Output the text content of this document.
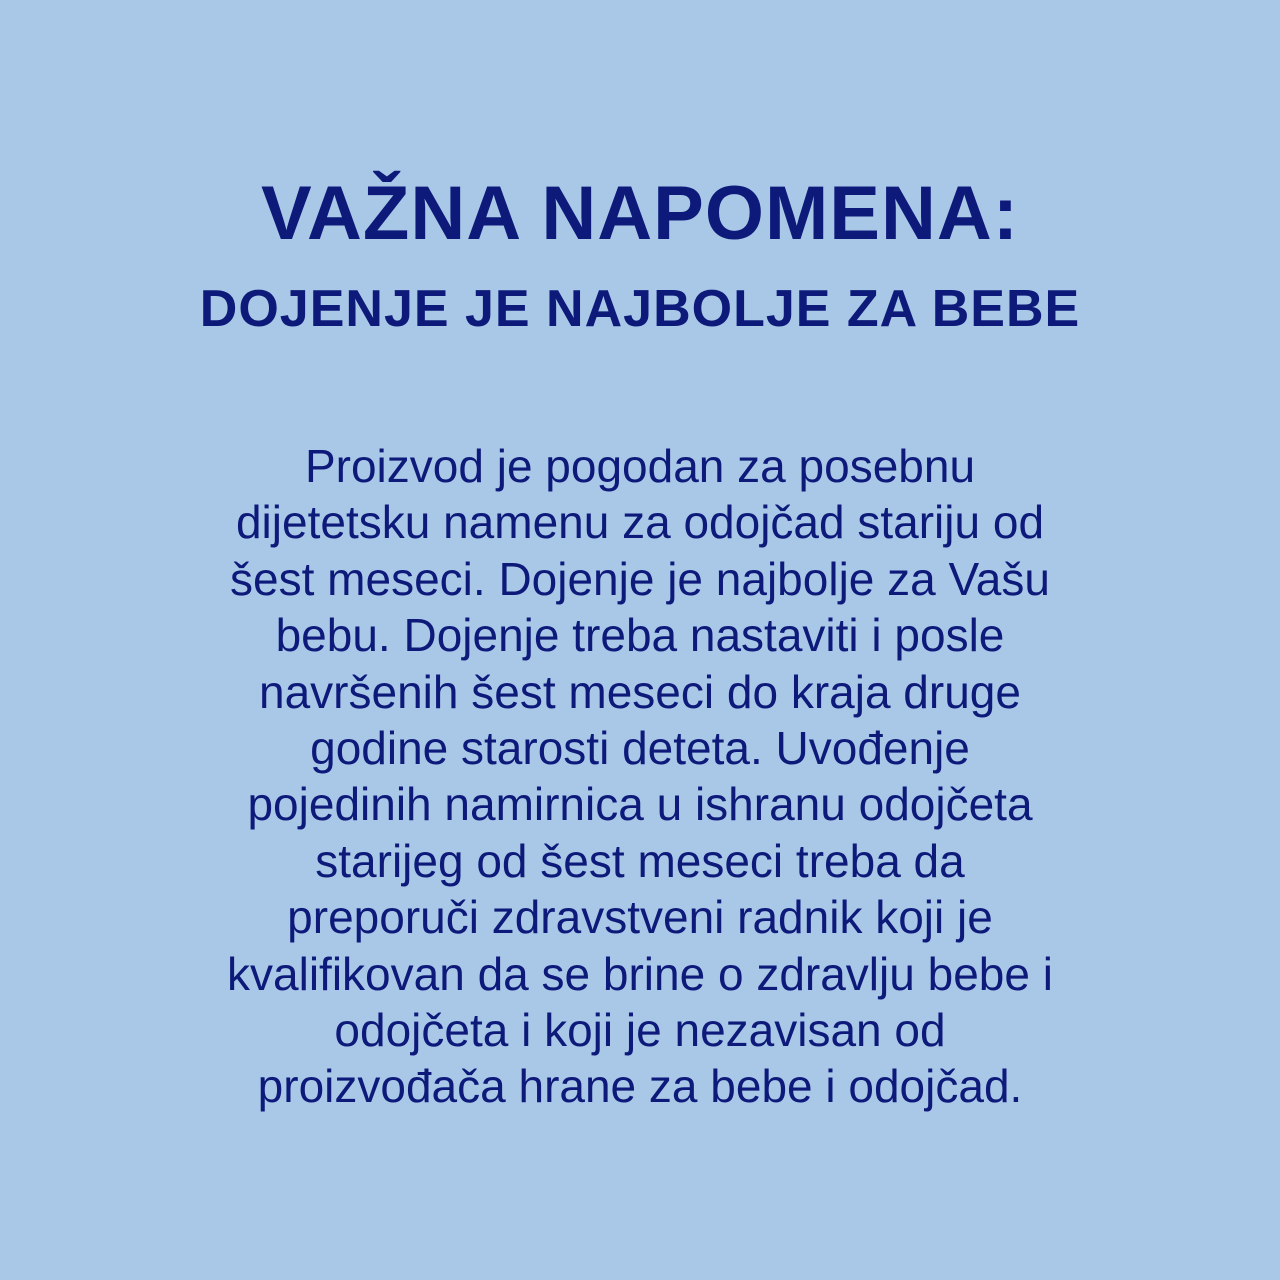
VAŽNA NAPOMENA:
DOJENJE JE NAJBOLJE ZA BEBE

Proizvod je pogodan za posebnu
dijetetsku namenu za odojčad stariju od
šest meseci. Dojenje je najbolje za Vašu
bebu. Dojenje treba nastaviti i posle
navršenih šest meseci do kraja druge
godine starosti deteta. Uvođenje
pojedinih namirnica u ishranu odojčeta
starijeg od šest meseci treba da
preporuči zdravstveni radnik koji je
kvalifikovan da se brine o zdravlju bebe i
odojčeta i koji je nezavisan od
proizvođača hrane za bebe i odojčad.
